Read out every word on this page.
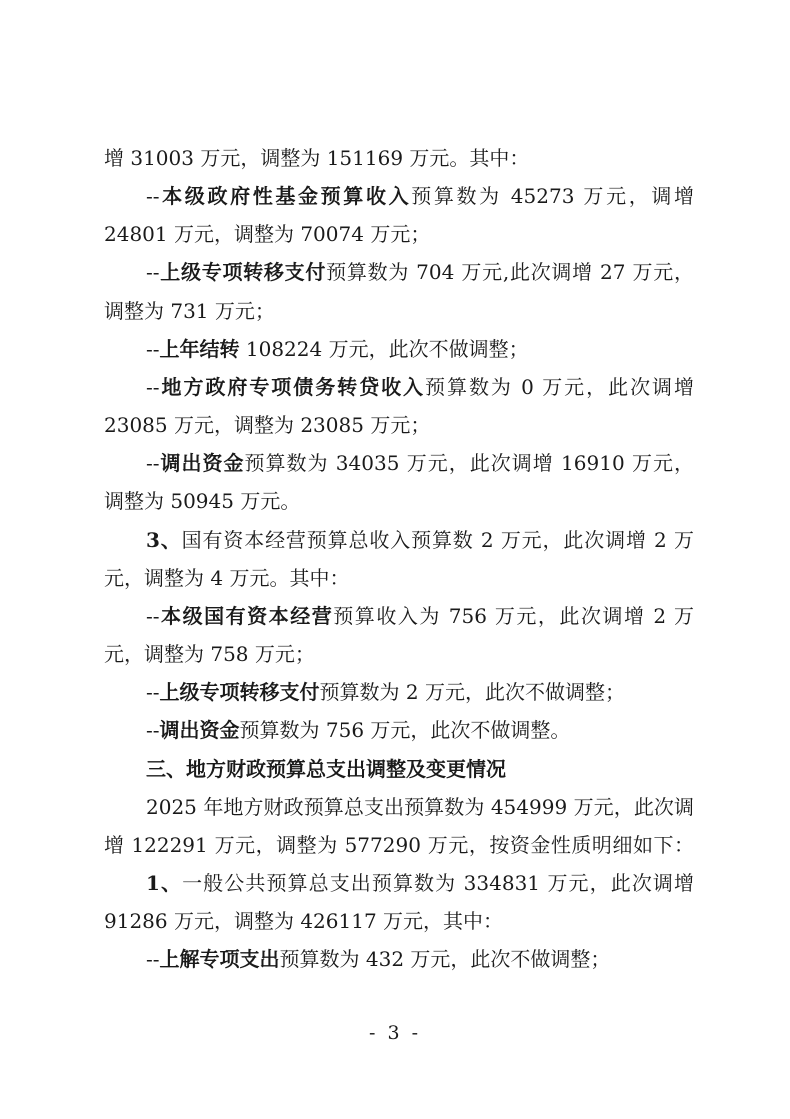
增 31003 万元，调整为 151169 万元。其中：
--本级政府性基金预算收入预算数为 45273 万元，调增
24801 万元，调整为 70074 万元；
--上级专项转移支付预算数为 704 万元,此次调增 27 万元，
调整为 731 万元；
--上年结转 108224 万元，此次不做调整；
--地方政府专项债务转贷收入预算数为 0 万元，此次调增
23085 万元，调整为 23085 万元；
--调出资金预算数为 34035 万元，此次调增 16910 万元，
调整为 50945 万元。
3、国有资本经营预算总收入预算数 2 万元，此次调增 2 万
元，调整为 4 万元。其中：
--本级国有资本经营预算收入为 756 万元，此次调增 2 万
元，调整为 758 万元；
--上级专项转移支付预算数为 2 万元，此次不做调整；
--调出资金预算数为 756 万元，此次不做调整。
三、地方财政预算总支出调整及变更情况
2025 年地方财政预算总支出预算数为 454999 万元，此次调
增 122291 万元，调整为 577290 万元，按资金性质明细如下：
1、一般公共预算总支出预算数为 334831 万元，此次调增
91286 万元，调整为 426117 万元，其中：
--上解专项支出预算数为 432 万元，此次不做调整；
- 3 -
